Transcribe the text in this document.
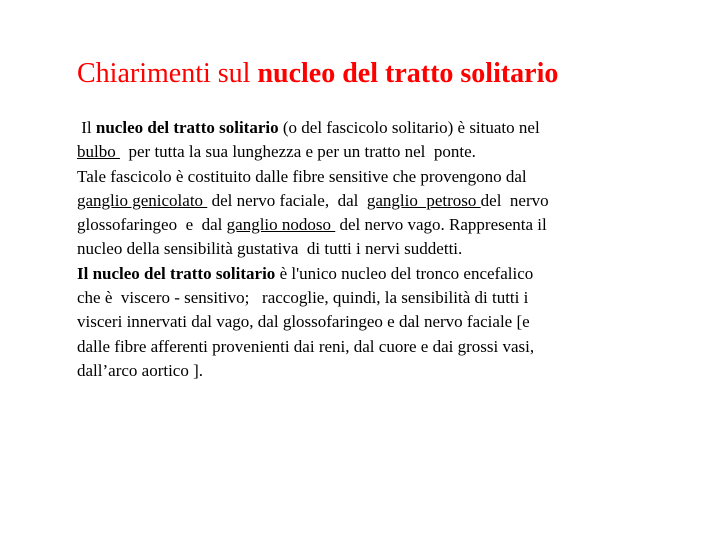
Chiarimenti sul nucleo del tratto solitario
Il nucleo del tratto solitario (o del fascicolo solitario) è situato nel
bulbo   per tutta la sua lunghezza e per un tratto nel  ponte.
Tale fascicolo è costituito dalle fibre sensitive che provengono dal
ganglio genicolato  del nervo faciale,  dal  ganglio  petroso del  nervo
glossofaringeo  e  dal ganglio nodoso  del nervo vago. Rappresenta il
nucleo della sensibilità gustativa  di tutti i nervi suddetti.
Il nucleo del tratto solitario è l'unico nucleo del tronco encefalico
che è  viscero - sensitivo;   raccoglie, quindi, la sensibilità di tutti i
visceri innervati dal vago, dal glossofaringeo e dal nervo faciale [e
dalle fibre afferenti provenienti dai reni, dal cuore e dai grossi vasi,
dall’arco aortico ].
